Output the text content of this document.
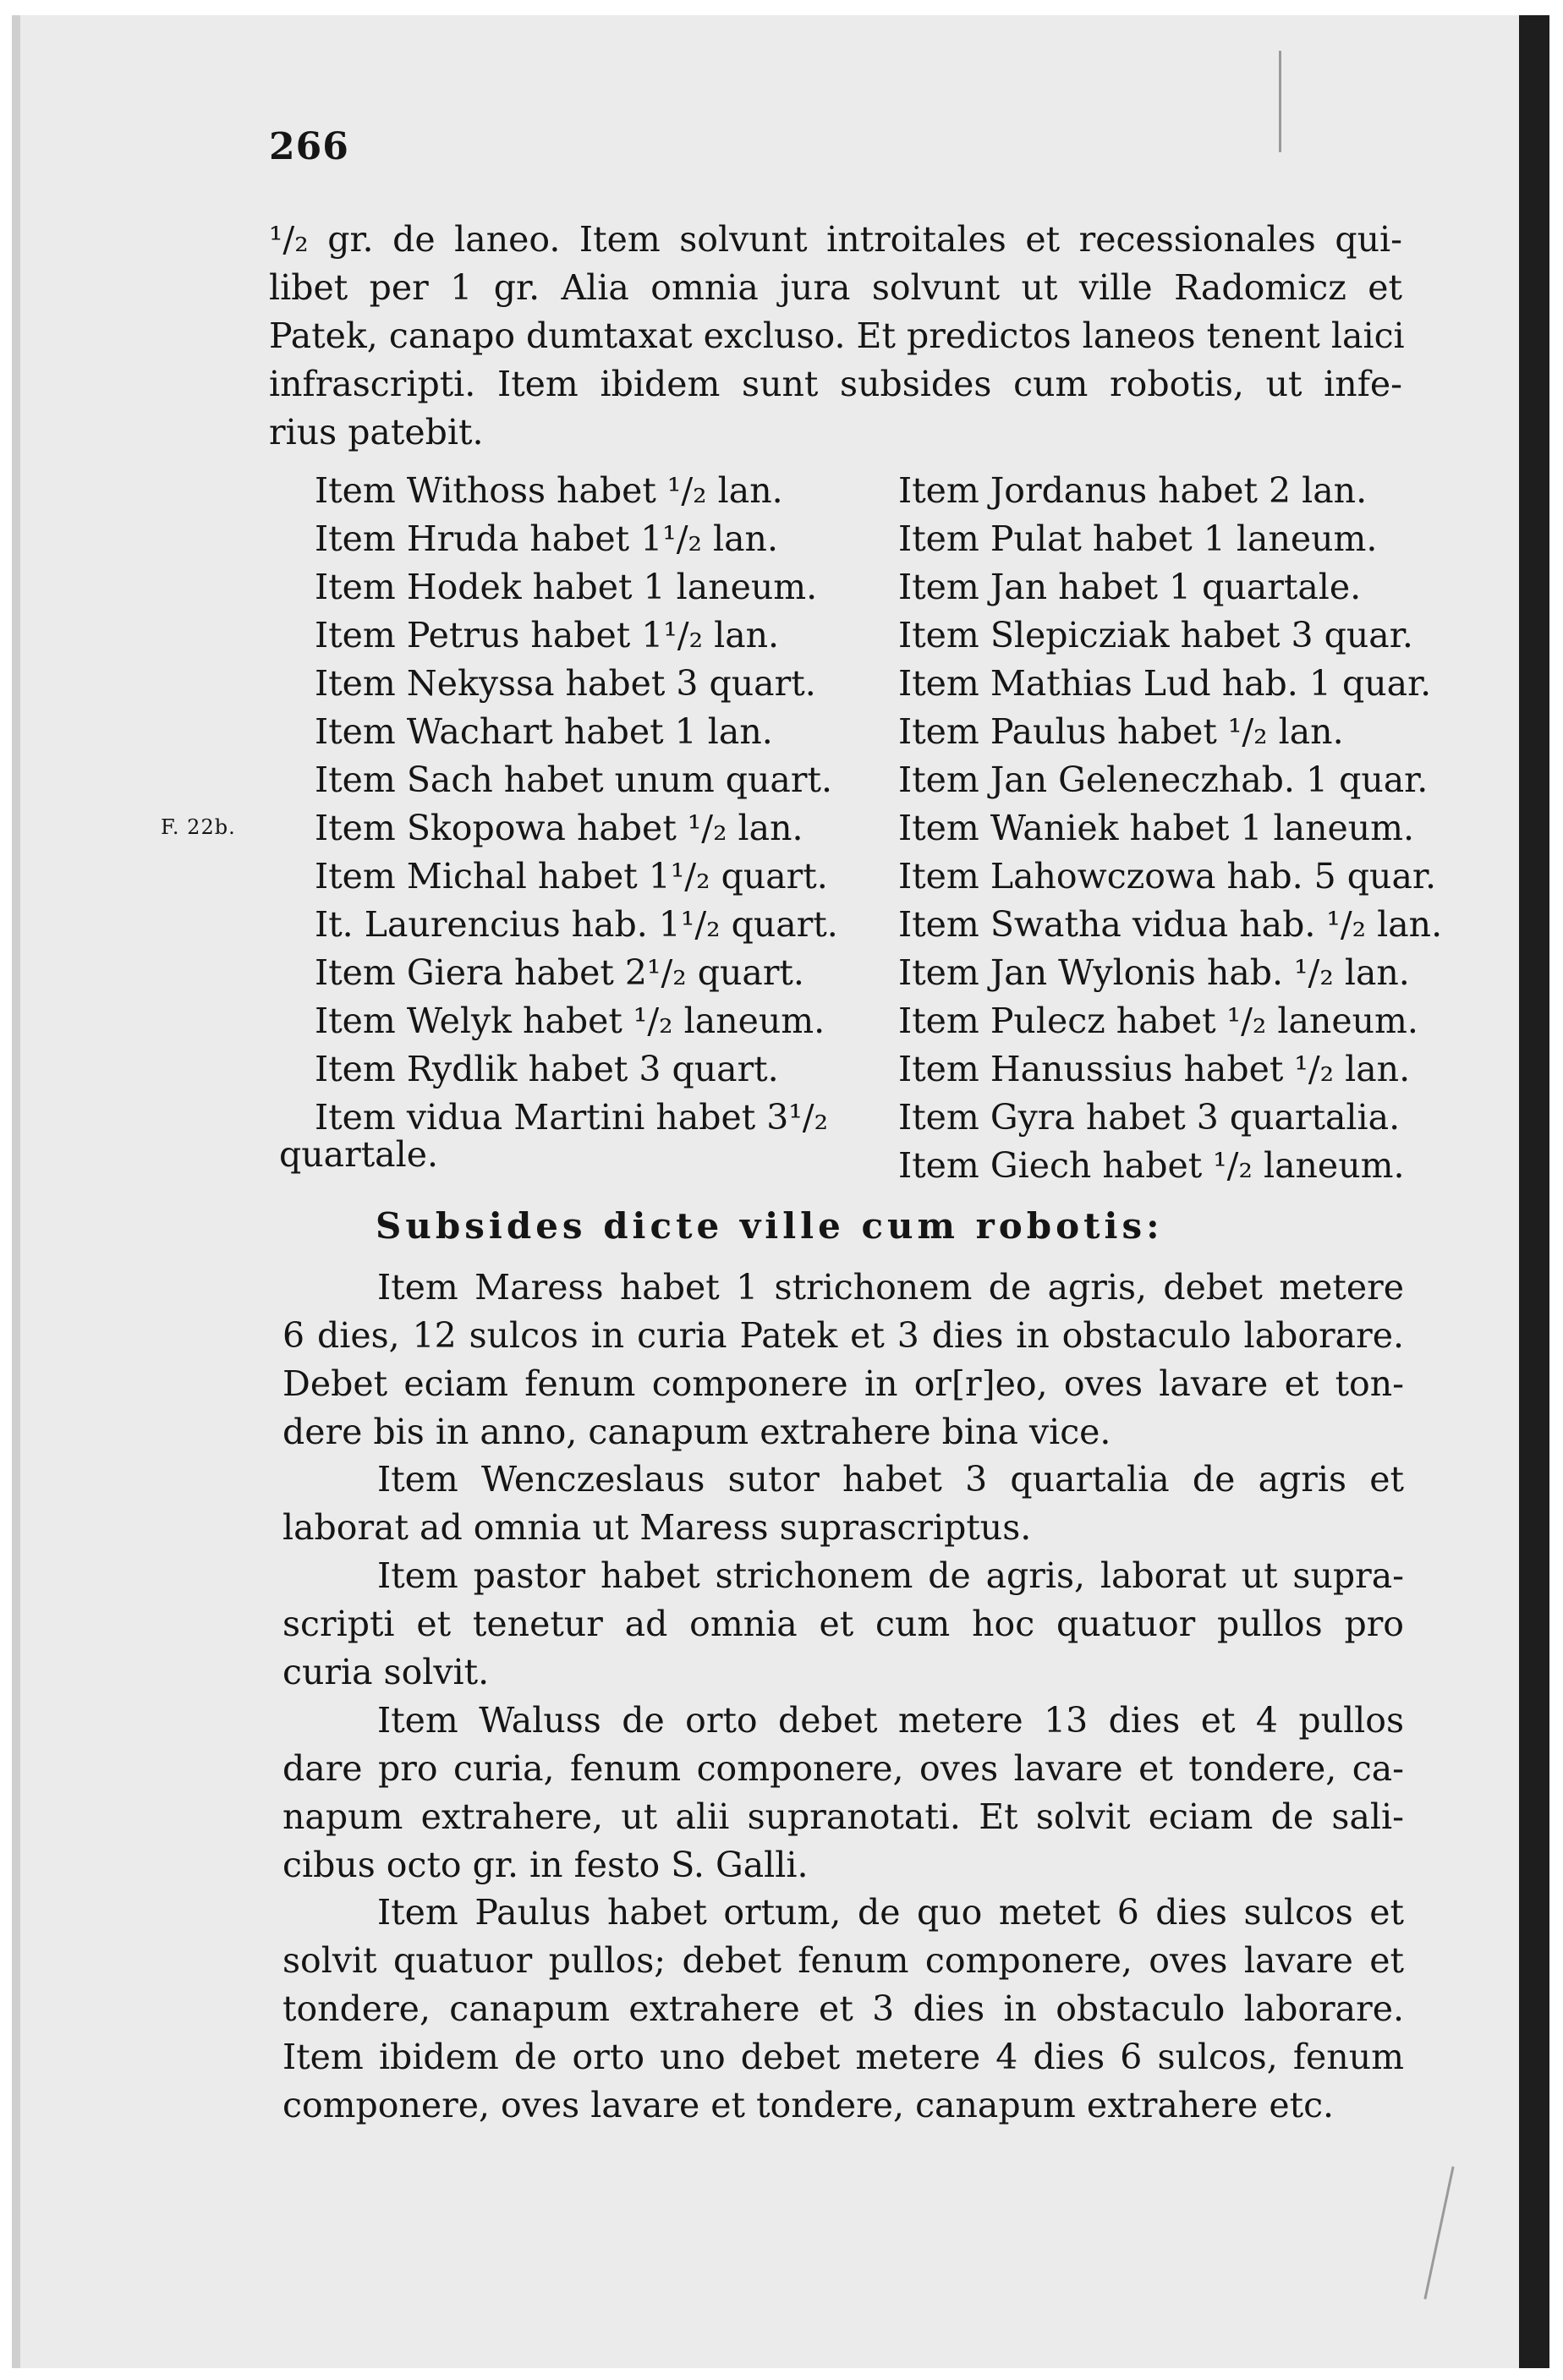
266
¹/₂ gr. de laneo. Item solvunt introitales et recessionales qui-
libet per 1 gr. Alia omnia jura solvunt ut ville Radomicz et
Patek, canapo dumtaxat excluso. Et predictos laneos tenent laici
infrascripti. Item ibidem sunt subsides cum robotis, ut infe-
rius patebit.
F. 22b.
Item Withoss habet ¹/₂ lan.
Item Hruda habet 1¹/₂ lan.
Item Hodek habet 1 laneum.
Item Petrus habet 1¹/₂ lan.
Item Nekyssa habet 3 quart.
Item Wachart habet 1 lan.
Item Sach habet unum quart.
Item Skopowa habet ¹/₂ lan.
Item Michal habet 1¹/₂ quart.
It. Laurencius hab. 1¹/₂ quart.
Item Giera habet 2¹/₂ quart.
Item Welyk habet ¹/₂ laneum.
Item Rydlik habet 3 quart.
Item vidua Martini habet 3¹/₂
quartale.
Item Jordanus habet 2 lan.
Item Pulat habet 1 laneum.
Item Jan habet 1 quartale.
Item Slepicziak habet 3 quar.
Item Mathias Lud hab. 1 quar.
Item Paulus habet ¹/₂ lan.
Item Jan Geleneczhab. 1 quar.
Item Waniek habet 1 laneum.
Item Lahowczowa hab. 5 quar.
Item Swatha vidua hab. ¹/₂ lan.
Item Jan Wylonis hab. ¹/₂ lan.
Item Pulecz habet ¹/₂ laneum.
Item Hanussius habet ¹/₂ lan.
Item Gyra habet 3 quartalia.
Item Giech habet ¹/₂ laneum.
Subsides dicte ville cum robotis:
Item Maress habet 1 strichonem de agris, debet metere
6 dies, 12 sulcos in curia Patek et 3 dies in obstaculo laborare.
Debet eciam fenum componere in or[r]eo, oves lavare et ton-
dere bis in anno, canapum extrahere bina vice.
Item Wenczeslaus sutor habet 3 quartalia de agris et
laborat ad omnia ut Maress suprascriptus.
Item pastor habet strichonem de agris, laborat ut supra-
scripti et tenetur ad omnia et cum hoc quatuor pullos pro
curia solvit.
Item Waluss de orto debet metere 13 dies et 4 pullos
dare pro curia, fenum componere, oves lavare et tondere, ca-
napum extrahere, ut alii supranotati. Et solvit eciam de sali-
cibus octo gr. in festo S. Galli.
Item Paulus habet ortum, de quo metet 6 dies sulcos et
solvit quatuor pullos; debet fenum componere, oves lavare et
tondere, canapum extrahere et 3 dies in obstaculo laborare.
Item ibidem de orto uno debet metere 4 dies 6 sulcos, fenum
componere, oves lavare et tondere, canapum extrahere etc.
